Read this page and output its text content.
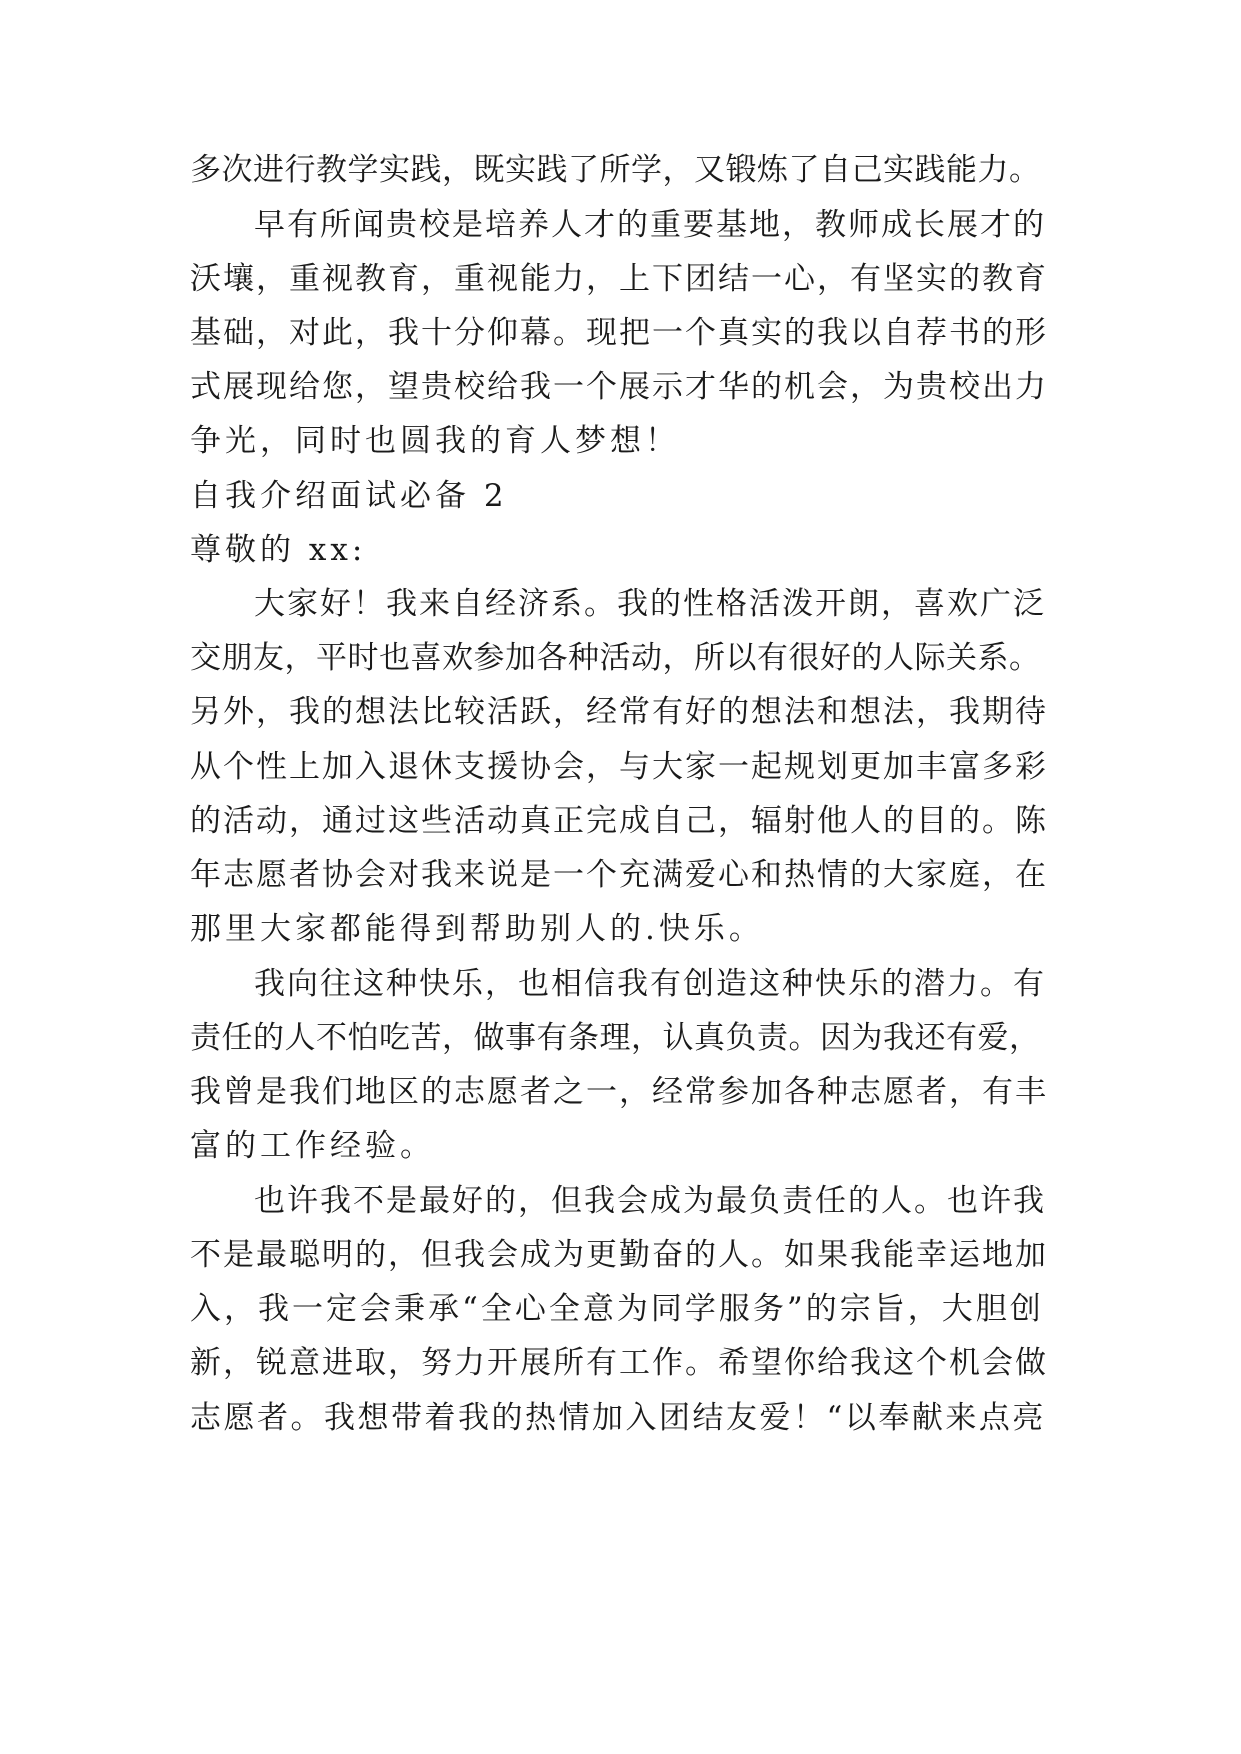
多次进行教学实践，既实践了所学，又锻炼了自己实践能力。
早有所闻贵校是培养人才的重要基地，教师成长展才的
沃壤，重视教育，重视能力，上下团结一心，有坚实的教育
基础，对此，我十分仰幕。现把一个真实的我以自荐书的形
式展现给您，望贵校给我一个展示才华的机会，为贵校出力
争光，同时也圆我的育人梦想！
自我介绍面试必备 2
尊敬的 xx:
大家好！我来自经济系。我的性格活泼开朗，喜欢广泛
交朋友，平时也喜欢参加各种活动，所以有很好的人际关系。
另外，我的想法比较活跃，经常有好的想法和想法，我期待
从个性上加入退休支援协会，与大家一起规划更加丰富多彩
的活动，通过这些活动真正完成自己，辐射他人的目的。陈
年志愿者协会对我来说是一个充满爱心和热情的大家庭，在
那里大家都能得到帮助别人的.快乐。
我向往这种快乐，也相信我有创造这种快乐的潜力。有
责任的人不怕吃苦，做事有条理，认真负责。因为我还有爱，
我曾是我们地区的志愿者之一，经常参加各种志愿者，有丰
富的工作经验。
也许我不是最好的，但我会成为最负责任的人。也许我
不是最聪明的，但我会成为更勤奋的人。如果我能幸运地加
入，我一定会秉承“全心全意为同学服务”的宗旨，大胆创
新，锐意进取，努力开展所有工作。希望你给我这个机会做
志愿者。我想带着我的热情加入团结友爱！“以奉献来点亮
